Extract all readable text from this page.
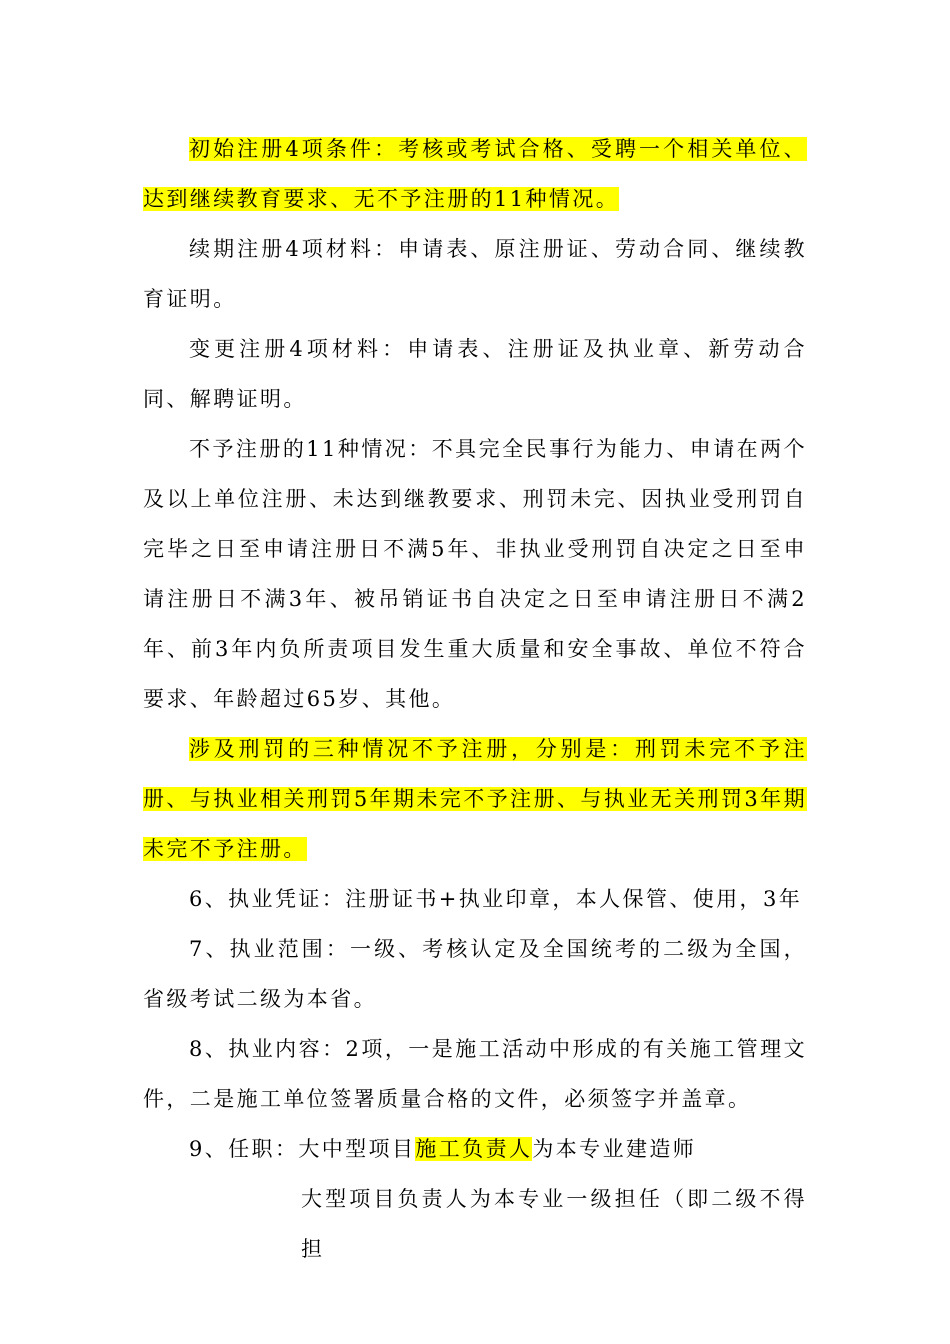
初始注册4项条件：考核或考试合格、受聘一个相关单位、达到继续教育要求、无不予注册的11种情况。

续期注册4项材料：申请表、原注册证、劳动合同、继续教育证明。

变更注册4项材料：申请表、注册证及执业章、新劳动合同、解聘证明。

不予注册的11种情况：不具完全民事行为能力、申请在两个及以上单位注册、未达到继教要求、刑罚未完、因执业受刑罚自完毕之日至申请注册日不满5年、非执业受刑罚自决定之日至申请注册日不满3年、被吊销证书自决定之日至申请注册日不满2年、前3年内负所责项目发生重大质量和安全事故、单位不符合要求、年龄超过65岁、其他。

涉及刑罚的三种情况不予注册，分别是：刑罚未完不予注册、与执业相关刑罚5年期未完不予注册、与执业无关刑罚3年期未完不予注册。

6、执业凭证：注册证书+执业印章，本人保管、使用，3年

7、执业范围：一级、考核认定及全国统考的二级为全国，省级考试二级为本省。

8、执业内容：2项，一是施工活动中形成的有关施工管理文件，二是施工单位签署质量合格的文件，必须签字并盖章。

9、任职：大中型项目施工负责人为本专业建造师

大型项目负责人为本专业一级担任（即二级不得担
